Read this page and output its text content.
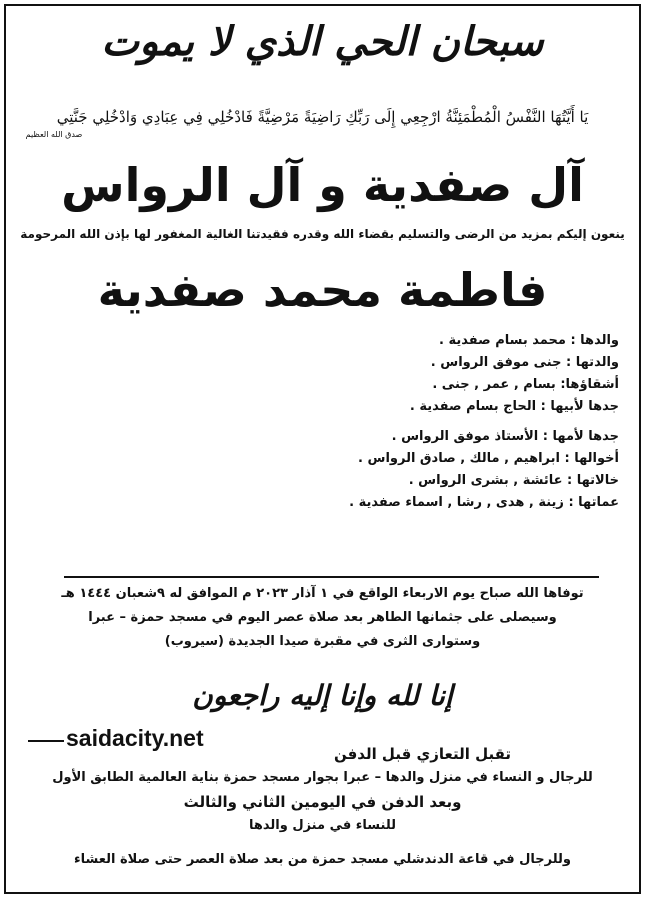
سبحان الحي الذي لا يموت
يَا أَيَّتُهَا النَّفْسُ الْمُطْمَئِنَّةُ ارْجِعِي إِلَى رَبِّكِ رَاضِيَةً مَرْضِيَّةً فَادْخُلِي فِي عِبَادِي وَادْخُلِي جَنَّتِي
صدق الله العظيم
آل صفدية و آل الرواس
ينعون إليكم بمزيد من الرضى والتسليم بقضاء الله وقدره فقيدتنا الغالية المغفور لها بإذن الله المرحومة
فاطمة محمد صفدية
والدها : محمد بسام صفدية .
والدتها : جنى موفق الرواس .
أشقاؤها: بسام , عمر , جنى .
جدها لأبيها : الحاج بسام صفدية .
جدها لأمها : الأستاذ موفق الرواس .
أخوالها : ابراهيم , مالك , صادق الرواس .
خالاتها : عائشة , بشرى الرواس .
عماتها : زينة , هدى , رشا , اسماء صفدية .
توفاها الله صباح يوم الاربعاء الواقع في ١ آذار ٢٠٢٣ م الموافق له ٩شعبان ١٤٤٤ هـ
وسيصلى على جثمانها الطاهر بعد صلاة عصر اليوم في مسجد حمزة – عبرا
وستوارى الثرى في مقبرة صيدا الجديدة (سيروب)
إنا لله وإنا إليه راجعون
saidacity.net
تقبل التعازي قبل الدفن
للرجال و النساء في منزل والدها – عبرا بجوار مسجد حمزة بناية العالمية الطابق الأول
وبعد الدفن في اليومين الثاني والثالث
للنساء في منزل والدها
وللرجال في قاعة الدندشلي مسجد حمزة من بعد صلاة العصر حتى صلاة العشاء
